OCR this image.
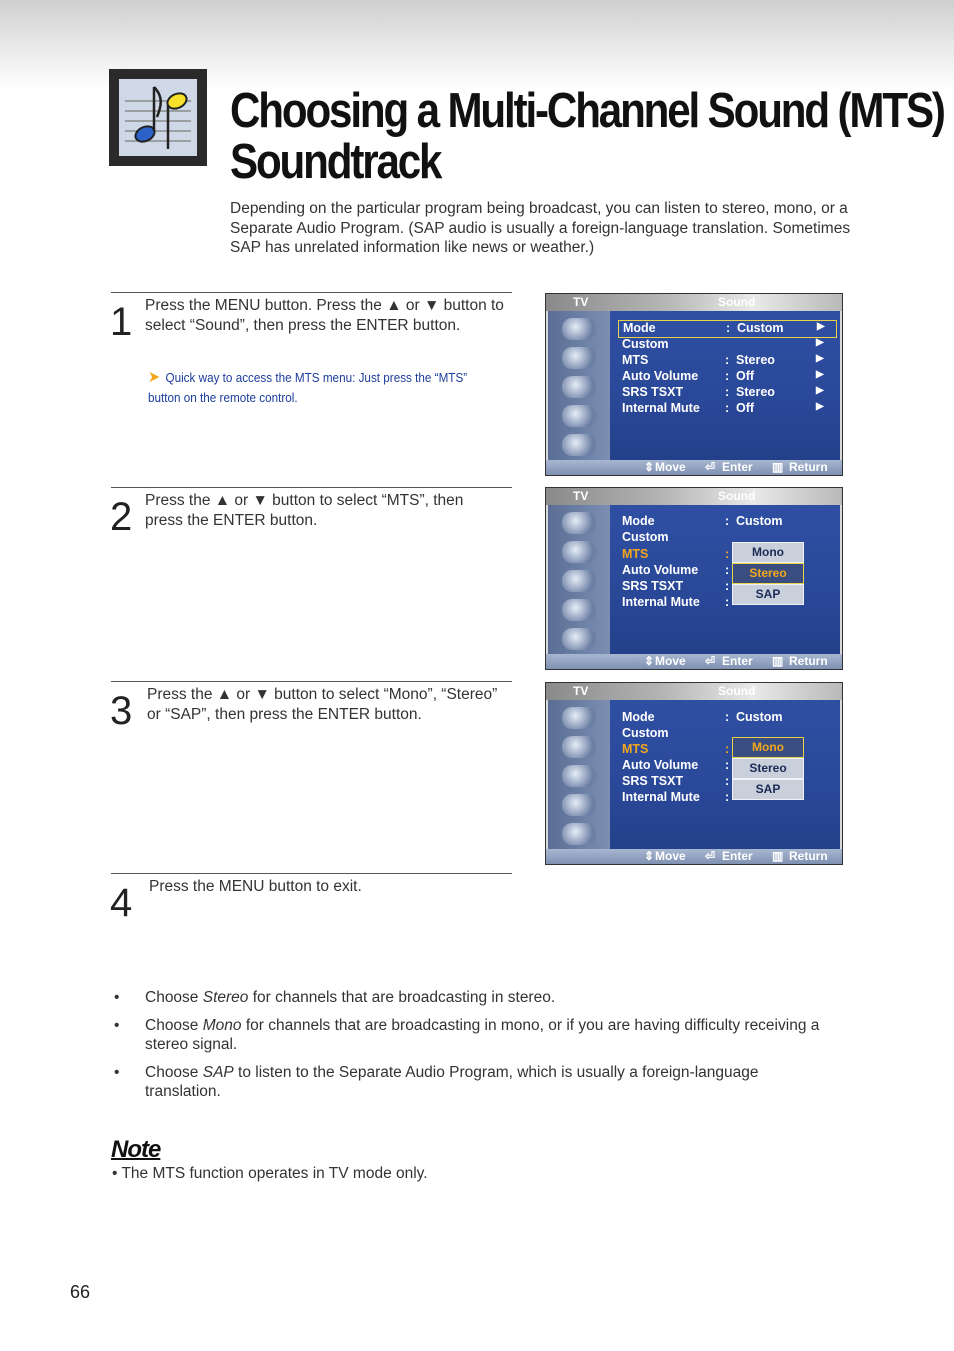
Choosing a Multi-Channel Sound (MTS)
Soundtrack

Depending on the particular program being broadcast, you can listen to stereo, mono, or a Separate Audio Program. (SAP audio is usually a foreign-language translation. Sometimes SAP has unrelated information like news or weather.)

1 Press the MENU button. Press the ▲ or ▼ button to select “Sound”, then press the ENTER button.

➤ Quick way to access the MTS menu: Just press the “MTS” button on the remote control.
2 Press the ▲ or ▼ button to select “MTS”, then press the ENTER button.

3 Press the ▲ or ▼ button to select “Mono”, “Stereo” or “SAP”, then press the ENTER button.

4 Press the MENU button to exit.

TV	Sound
Mode	: Custom	▶
Custom	▶
MTS	: Stereo	▶
Auto Volume : Off	▶
SRS TSXT	: Stereo	▶
Internal Mute : Off	▶
⇕ Move ⏎ Enter ▥ Return
TV	Sound
Mode	: Custom
Custom
MTS	:
Auto Volume :
SRS TSXT	:
Internal Mute :
Mono
Stereo
SAP
⇕ Move ⏎ Enter ▥ Return
TV	Sound
Mode	: Custom
Custom
MTS	:
Auto Volume :
SRS TSXT	:
Internal Mute :
Mono
Stereo
SAP
⇕ Move ⏎ Enter ▥ Return
• Choose Stereo for channels that are broadcasting in stereo.
• Choose Mono for channels that are broadcasting in mono, or if you are having difficulty receiving a stereo signal.
• Choose SAP to listen to the Separate Audio Program, which is usually a foreign-language translation.
Note
• The MTS function operates in TV mode only.
66
